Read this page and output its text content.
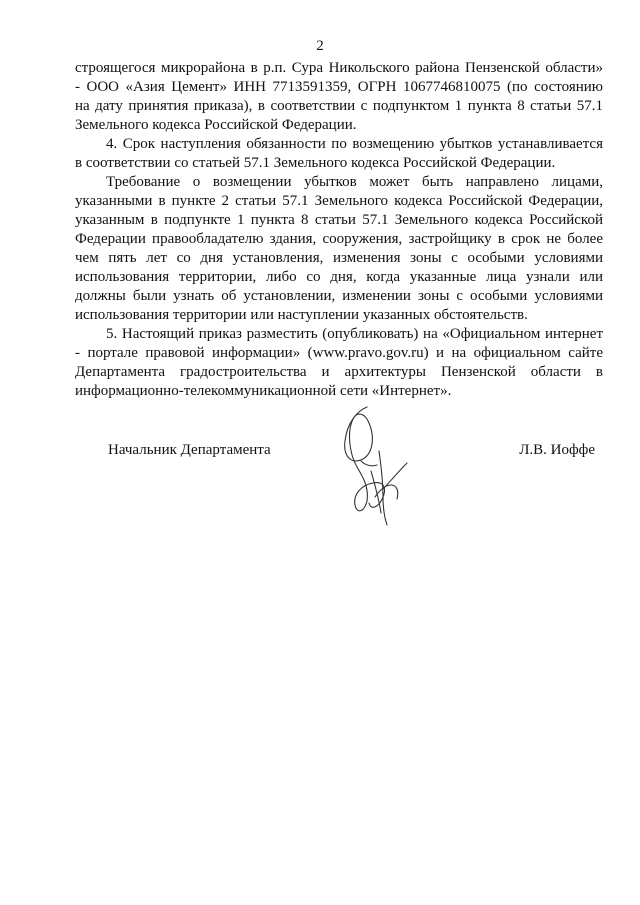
2

строящегося микрорайона в р.п. Сура Никольского района Пензенской области»
- ООО «Азия Цемент» ИНН 7713591359, ОГРН 1067746810075 (по состоянию
на дату принятия приказа), в соответствии с подпунктом 1 пункта 8 статьи 57.1
Земельного кодекса Российской Федерации.

4. Срок наступления обязанности по возмещению убытков устанавливается
в соответствии со статьей 57.1 Земельного кодекса Российской Федерации.

Требование о возмещении убытков может быть направлено лицами,
указанными в пункте 2 статьи 57.1 Земельного кодекса Российской Федерации,
указанным в подпункте 1 пункта 8 статьи 57.1 Земельного кодекса Российской
Федерации правообладателю здания, сооружения, застройщику в срок не более
чем пять лет со дня установления, изменения зоны с особыми условиями
использования территории, либо со дня, когда указанные лица узнали или
должны были узнать об установлении, изменении зоны с особыми условиями
использования территории или наступлении указанных обстоятельств.

5. Настоящий приказ разместить (опубликовать) на «Официальном интернет
- портале правовой информации» (www.pravo.gov.ru) и на официальном сайте
Департамента градостроительства и архитектуры Пензенской области в
информационно-телекоммуникационной сети «Интернет».

Начальник Департамента	Л.В. Иоффе
